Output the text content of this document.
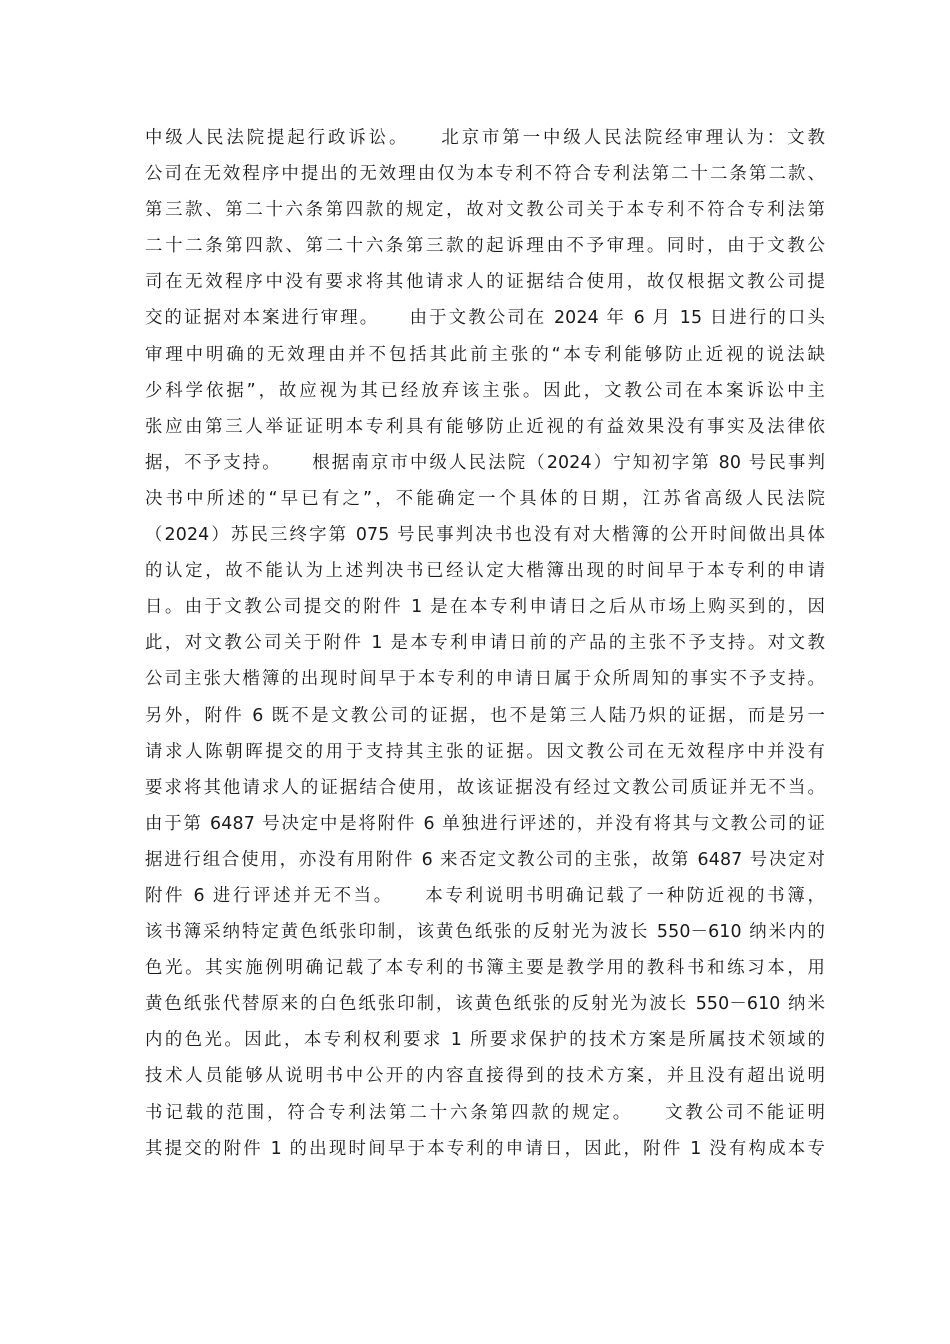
中级人民法院提起行政诉讼。　　北京市第一中级人民法院经审理认为：文教
公司在无效程序中提出的无效理由仅为本专利不符合专利法第二十二条第二款、
第三款、第二十六条第四款的规定，故对文教公司关于本专利不符合专利法第
二十二条第四款、第二十六条第三款的起诉理由不予审理。同时，由于文教公
司在无效程序中没有要求将其他请求人的证据结合使用，故仅根据文教公司提
交的证据对本案进行审理。　　由于文教公司在 2024 年 6 月 15 日进行的口头
审理中明确的无效理由并不包括其此前主张的“本专利能够防止近视的说法缺
少科学依据”，故应视为其已经放弃该主张。因此，文教公司在本案诉讼中主
张应由第三人举证证明本专利具有能够防止近视的有益效果没有事实及法律依
据，不予支持。　　根据南京市中级人民法院（2024）宁知初字第 80 号民事判
决书中所述的“早已有之”，不能确定一个具体的日期，江苏省高级人民法院
（2024）苏民三终字第 075 号民事判决书也没有对大楷簿的公开时间做出具体
的认定，故不能认为上述判决书已经认定大楷簿出现的时间早于本专利的申请
日。由于文教公司提交的附件 1 是在本专利申请日之后从市场上购买到的，因
此，对文教公司关于附件 1 是本专利申请日前的产品的主张不予支持。对文教
公司主张大楷簿的出现时间早于本专利的申请日属于众所周知的事实不予支持。
另外，附件 6 既不是文教公司的证据，也不是第三人陆乃炽的证据，而是另一
请求人陈朝晖提交的用于支持其主张的证据。因文教公司在无效程序中并没有
要求将其他请求人的证据结合使用，故该证据没有经过文教公司质证并无不当。
由于第 6487 号决定中是将附件 6 单独进行评述的，并没有将其与文教公司的证
据进行组合使用，亦没有用附件 6 来否定文教公司的主张，故第 6487 号决定对
附件 6 进行评述并无不当。　　本专利说明书明确记载了一种防近视的书簿，
该书簿采纳特定黄色纸张印制，该黄色纸张的反射光为波长 550－610 纳米内的
色光。其实施例明确记载了本专利的书簿主要是教学用的教科书和练习本，用
黄色纸张代替原来的白色纸张印制，该黄色纸张的反射光为波长 550－610 纳米
内的色光。因此，本专利权利要求 1 所要求保护的技术方案是所属技术领域的
技术人员能够从说明书中公开的内容直接得到的技术方案，并且没有超出说明
书记载的范围，符合专利法第二十六条第四款的规定。　　文教公司不能证明
其提交的附件 1 的出现时间早于本专利的申请日，因此，附件 1 没有构成本专
